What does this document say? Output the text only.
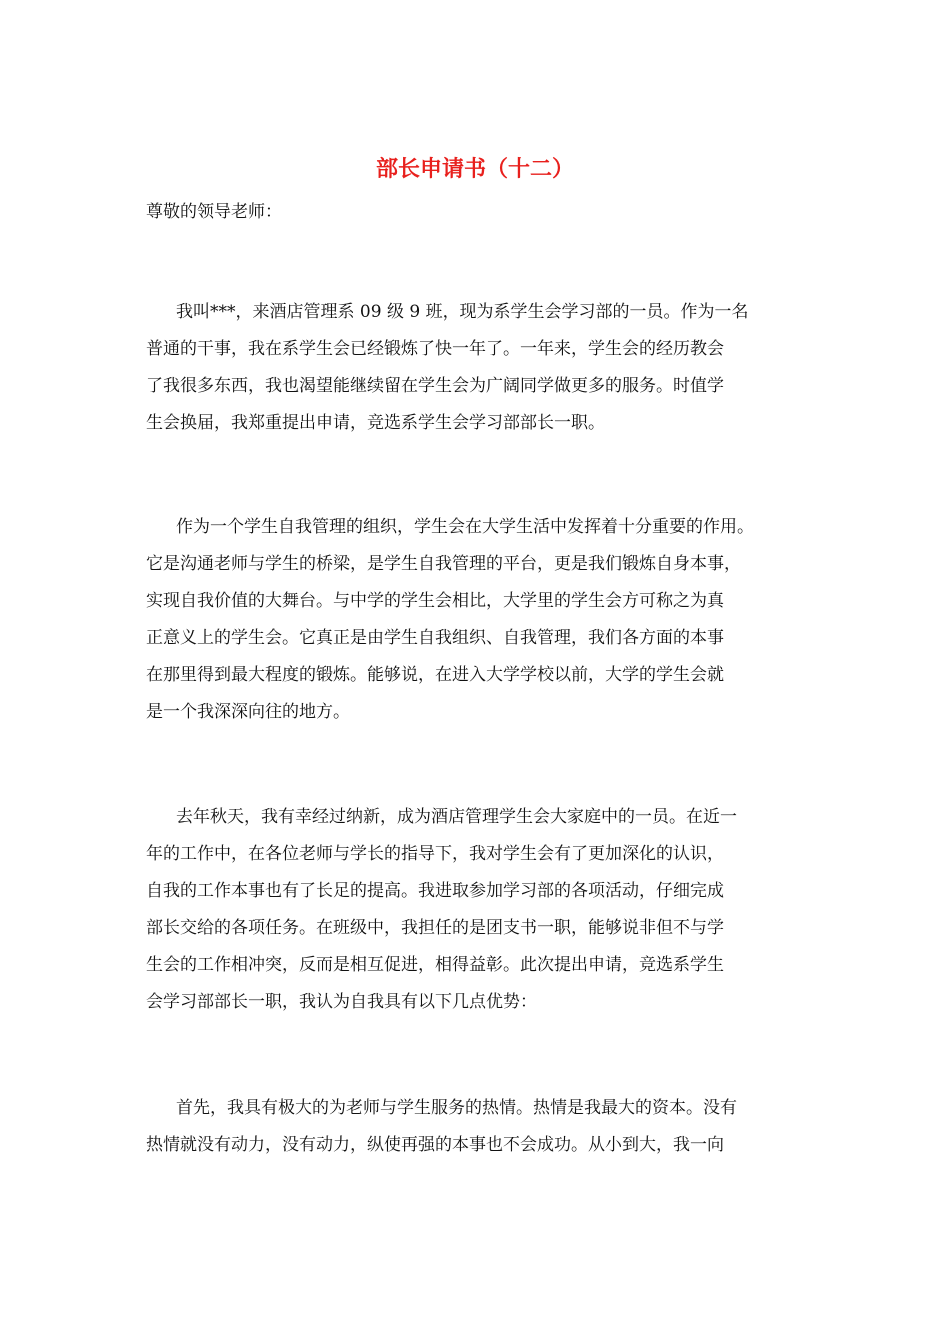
部长申请书（十二）
尊敬的领导老师：
我叫***，来酒店管理系 09 级 9 班，现为系学生会学习部的一员。作为一名
普通的干事，我在系学生会已经锻炼了快一年了。一年来，学生会的经历教会
了我很多东西，我也渴望能继续留在学生会为广阔同学做更多的服务。时值学
生会换届，我郑重提出申请，竞选系学生会学习部部长一职。
作为一个学生自我管理的组织，学生会在大学生活中发挥着十分重要的作用。
它是沟通老师与学生的桥梁，是学生自我管理的平台，更是我们锻炼自身本事，
实现自我价值的大舞台。与中学的学生会相比，大学里的学生会方可称之为真
正意义上的学生会。它真正是由学生自我组织、自我管理，我们各方面的本事
在那里得到最大程度的锻炼。能够说，在进入大学学校以前，大学的学生会就
是一个我深深向往的地方。
去年秋天，我有幸经过纳新，成为酒店管理学生会大家庭中的一员。在近一
年的工作中，在各位老师与学长的指导下，我对学生会有了更加深化的认识，
自我的工作本事也有了长足的提高。我进取参加学习部的各项活动，仔细完成
部长交给的各项任务。在班级中，我担任的是团支书一职，能够说非但不与学
生会的工作相冲突，反而是相互促进，相得益彰。此次提出申请，竞选系学生
会学习部部长一职，我认为自我具有以下几点优势：
首先，我具有极大的为老师与学生服务的热情。热情是我最大的资本。没有
热情就没有动力，没有动力，纵使再强的本事也不会成功。从小到大，我一向
